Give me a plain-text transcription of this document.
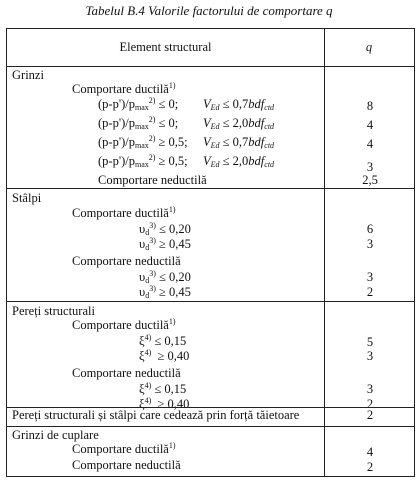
Tabelul B.4 Valorile factorului de comportare q
Element structural	q
Grinzi
Comportare ductilă$^{1)}$
$(p-p')/p_{max}^{2)} \le 0$; $V_{Ed} \le 0,7bdf_{ctd}$	8
$(p-p')/p_{max}^{2)} \le 0$; $V_{Ed} \le 2,0bdf_{ctd}$	4
$(p-p')/p_{max}^{2)} \ge 0,5$; $V_{Ed} \le 0,7bdf_{ctd}$	4
$(p-p')/p_{max}^{2)} \ge 0,5$; $V_{Ed} \le 2,0bdf_{ctd}$	3
Comportare neductilă	2,5
Stâlpi
Comportare ductilă$^{1)}$
$\upsilon_d^{3)} \le 0,20$	6
$\upsilon_d^{3)} \ge 0,45$	3
Comportare neductilă
$\upsilon_d^{3)} \le 0,20$	3
$\upsilon_d^{3)} \ge 0,45$	2
Pereți structurali
Comportare ductilă$^{1)}$
$\xi^{4)} \le 0,15$	5
$\xi^{4)} \ge 0,40$	3
Comportare neductilă
$\xi^{4)} \le 0,15$	3
$\xi^{4)} \ge 0,40$	2
Pereți structurali și stâlpi care cedează prin forță tăietoare	2
Grinzi de cuplare
Comportare ductilă$^{1)}$	4
Comportare neductilă	2
